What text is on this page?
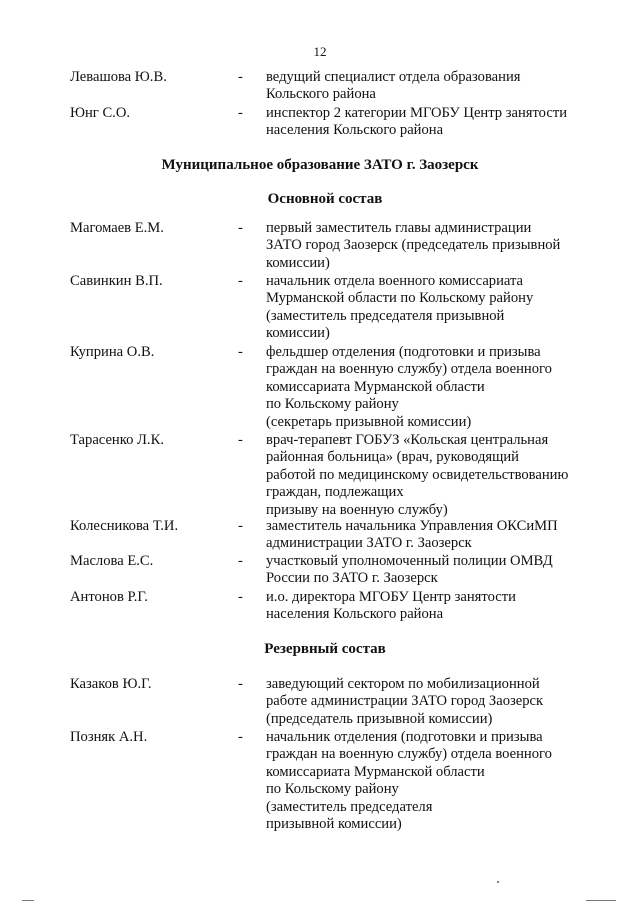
12
Левашова Ю.В.	- ведущий специалист отдела образования
Кольского района
Юнг С.О.	- инспектор 2 категории МГОБУ Центр занятости
населения Кольского района
Муниципальное образование ЗАТО г. Заозерск
Основной состав
Магомаев Е.М.	- первый заместитель главы администрации
ЗАТО город Заозерск (председатель призывной
комиссии)
Савинкин В.П.	- начальник отдела военного комиссариата
Мурманской области по Кольскому району
(заместитель председателя призывной
комиссии)
Куприна О.В.	- фельдшер отделения (подготовки и призыва
граждан на военную службу) отдела военного
комиссариата Мурманской области
по Кольскому району
(секретарь призывной комиссии)
Тарасенко Л.К.	- врач-терапевт ГОБУЗ «Кольская центральная
районная больница» (врач, руководящий
работой по медицинскому освидетельствованию
граждан, подлежащих
призыву на военную службу)
Колесникова Т.И.	- заместитель начальника Управления ОКСиМП
администрации ЗАТО г. Заозерск
Маслова Е.С.	- участковый уполномоченный полиции ОМВД
России по ЗАТО г. Заозерск
Антонов Р.Г.	- и.о. директора МГОБУ Центр занятости
населения Кольского района
Резервный состав
Казаков Ю.Г.	- заведующий сектором по мобилизационной
работе администрации ЗАТО город Заозерск
(председатель призывной комиссии)
Позняк А.Н.	- начальник отделения (подготовки и призыва
граждан на военную службу) отдела военного
комиссариата Мурманской области
по Кольскому району
(заместитель председателя
призывной комиссии)
